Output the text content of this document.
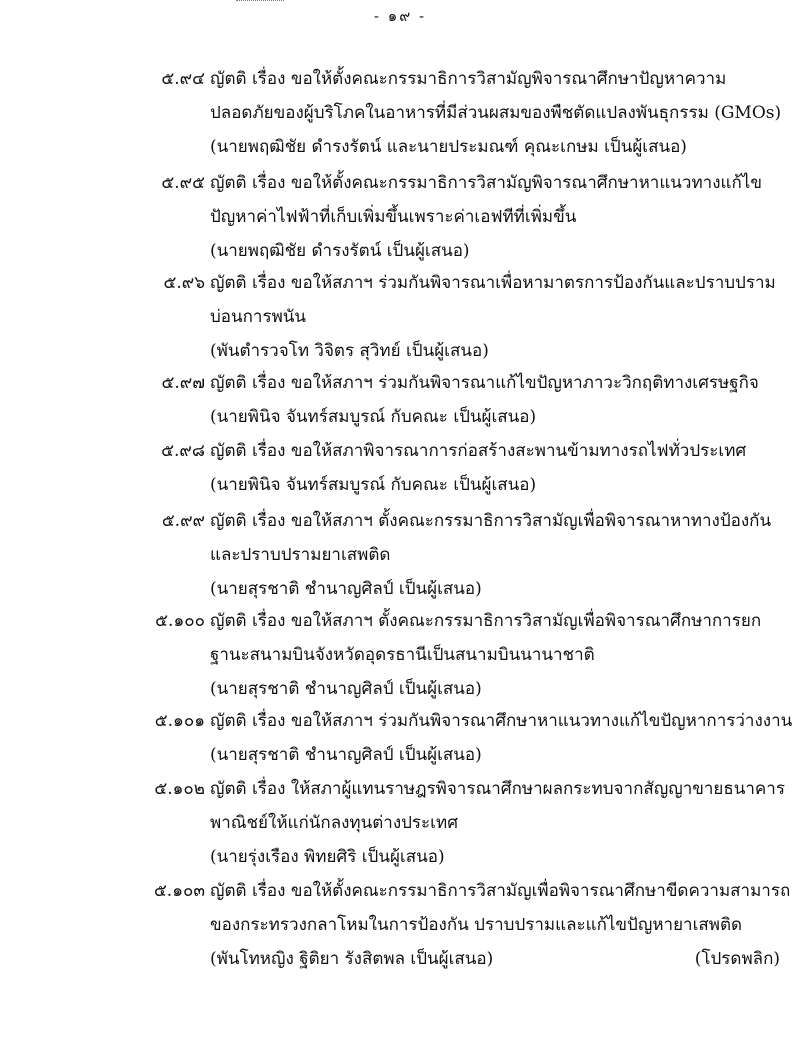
- ๑๙ -
๕.๙๔ ญัตติ เรื่อง ขอให้ตั้งคณะกรรมาธิการวิสามัญพิจารณาศึกษาปัญหาความ
ปลอดภัยของผู้บริโภคในอาหารที่มีส่วนผสมของพืชตัดแปลงพันธุกรรม (GMOs)
(นายพฤฒิชัย ดำรงรัตน์ และนายประมณฑ์ คุณะเกษม เป็นผู้เสนอ)
๕.๙๕ ญัตติ เรื่อง ขอให้ตั้งคณะกรรมาธิการวิสามัญพิจารณาศึกษาหาแนวทางแก้ไข
ปัญหาค่าไฟฟ้าที่เก็บเพิ่มขึ้นเพราะค่าเอฟทีที่เพิ่มขึ้น
(นายพฤฒิชัย ดำรงรัตน์ เป็นผู้เสนอ)
๕.๙๖ ญัตติ เรื่อง ขอให้สภาฯ ร่วมกันพิจารณาเพื่อหามาตรการป้องกันและปราบปราม
บ่อนการพนัน
(พันตำรวจโท วิจิตร สุวิทย์ เป็นผู้เสนอ)
๕.๙๗ ญัตติ เรื่อง ขอให้สภาฯ ร่วมกันพิจารณาแก้ไขปัญหาภาวะวิกฤติทางเศรษฐกิจ
(นายพินิจ จันทร์สมบูรณ์ กับคณะ เป็นผู้เสนอ)
๕.๙๘ ญัตติ เรื่อง ขอให้สภาพิจารณาการก่อสร้างสะพานข้ามทางรถไฟทั่วประเทศ
(นายพินิจ จันทร์สมบูรณ์ กับคณะ เป็นผู้เสนอ)
๕.๙๙ ญัตติ เรื่อง ขอให้สภาฯ ตั้งคณะกรรมาธิการวิสามัญเพื่อพิจารณาหาทางป้องกัน
และปราบปรามยาเสพติด
(นายสุรชาติ ชำนาญศิลป์ เป็นผู้เสนอ)
๕.๑๐๐ ญัตติ เรื่อง ขอให้สภาฯ ตั้งคณะกรรมาธิการวิสามัญเพื่อพิจารณาศึกษาการยก
ฐานะสนามบินจังหวัดอุดรธานีเป็นสนามบินนานาชาติ
(นายสุรชาติ ชำนาญศิลป์ เป็นผู้เสนอ)
๕.๑๐๑ ญัตติ เรื่อง ขอให้สภาฯ ร่วมกันพิจารณาศึกษาหาแนวทางแก้ไขปัญหาการว่างงาน
(นายสุรชาติ ชำนาญศิลป์ เป็นผู้เสนอ)
๕.๑๐๒ ญัตติ เรื่อง ให้สภาผู้แทนราษฎรพิจารณาศึกษาผลกระทบจากสัญญาขายธนาคาร
พาณิชย์ให้แก่นักลงทุนต่างประเทศ
(นายรุ่งเรือง พิทยศิริ เป็นผู้เสนอ)
๕.๑๐๓ ญัตติ เรื่อง ขอให้ตั้งคณะกรรมาธิการวิสามัญเพื่อพิจารณาศึกษาขีดความสามารถ
ของกระทรวงกลาโหมในการป้องกัน ปราบปรามและแก้ไขปัญหายาเสพติด
(พันโทหญิง ฐิติยา รังสิตพล เป็นผู้เสนอ)	(โปรดพลิก)
